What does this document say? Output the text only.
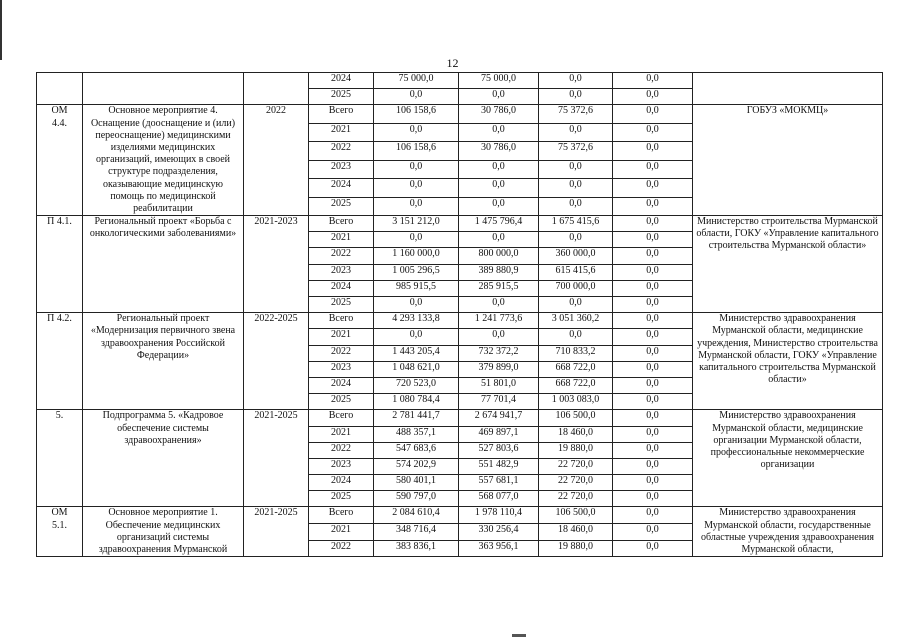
12
			2024	75 000,0	75 000,0	0,0	0,0	
			2025	0,0	0,0	0,0	0,0	
ОМ
4.4.	Основное мероприятие 4. Оснащение (дооснащение и (или) переоснащение) медицинскими изделиями медицинских организаций, имеющих в своей структуре подразделения, оказывающие медицинскую помощь по медицинской реабилитации	2022	Всего	106 158,6	30 786,0	75 372,6	0,0	ГОБУЗ «МОКМЦ»
			2021	0,0	0,0	0,0	0,0	
			2022	106 158,6	30 786,0	75 372,6	0,0	
			2023	0,0	0,0	0,0	0,0	
			2024	0,0	0,0	0,0	0,0	
			2025	0,0	0,0	0,0	0,0	
П 4.1.	Региональный проект «Борьба с онкологическими заболеваниями»	2021-2023	Всего	3 151 212,0	1 475 796,4	1 675 415,6	0,0	Министерство строительства Мурманской области, ГОКУ «Управление капитального строительства Мурманской области»
			2021	0,0	0,0	0,0	0,0	
			2022	1 160 000,0	800 000,0	360 000,0	0,0	
			2023	1 005 296,5	389 880,9	615 415,6	0,0	
			2024	985 915,5	285 915,5	700 000,0	0,0	
			2025	0,0	0,0	0,0	0,0	
П 4.2.	Региональный проект «Модернизация первичного звена здравоохранения Российской Федерации»	2022-2025	Всего	4 293 133,8	1 241 773,6	3 051 360,2	0,0	Министерство здравоохранения Мурманской области, медицинские учреждения, Министерство строительства Мурманской области, ГОКУ «Управление капитального строительства Мурманской области»
			2021	0,0	0,0	0,0	0,0	
			2022	1 443 205,4	732 372,2	710 833,2	0,0	
			2023	1 048 621,0	379 899,0	668 722,0	0,0	
			2024	720 523,0	51 801,0	668 722,0	0,0	
			2025	1 080 784,4	77 701,4	1 003 083,0	0,0	
5.	Подпрограмма 5. «Кадровое обеспечение системы здравоохранения»	2021-2025	Всего	2 781 441,7	2 674 941,7	106 500,0	0,0	Министерство здравоохранения Мурманской области, медицинские организации Мурманской области, профессиональные некоммерческие организации
			2021	488 357,1	469 897,1	18 460,0	0,0	
			2022	547 683,6	527 803,6	19 880,0	0,0	
			2023	574 202,9	551 482,9	22 720,0	0,0	
			2024	580 401,1	557 681,1	22 720,0	0,0	
			2025	590 797,0	568 077,0	22 720,0	0,0	
ОМ
5.1.	Основное мероприятие 1. Обеспечение медицинских организаций системы здравоохранения Мурманской	2021-2025	Всего	2 084 610,4	1 978 110,4	106 500,0	0,0	Министерство здравоохранения Мурманской области, государственные областные учреждения здравоохранения Мурманской области,
			2021	348 716,4	330 256,4	18 460,0	0,0	
			2022	383 836,1	363 956,1	19 880,0	0,0	
